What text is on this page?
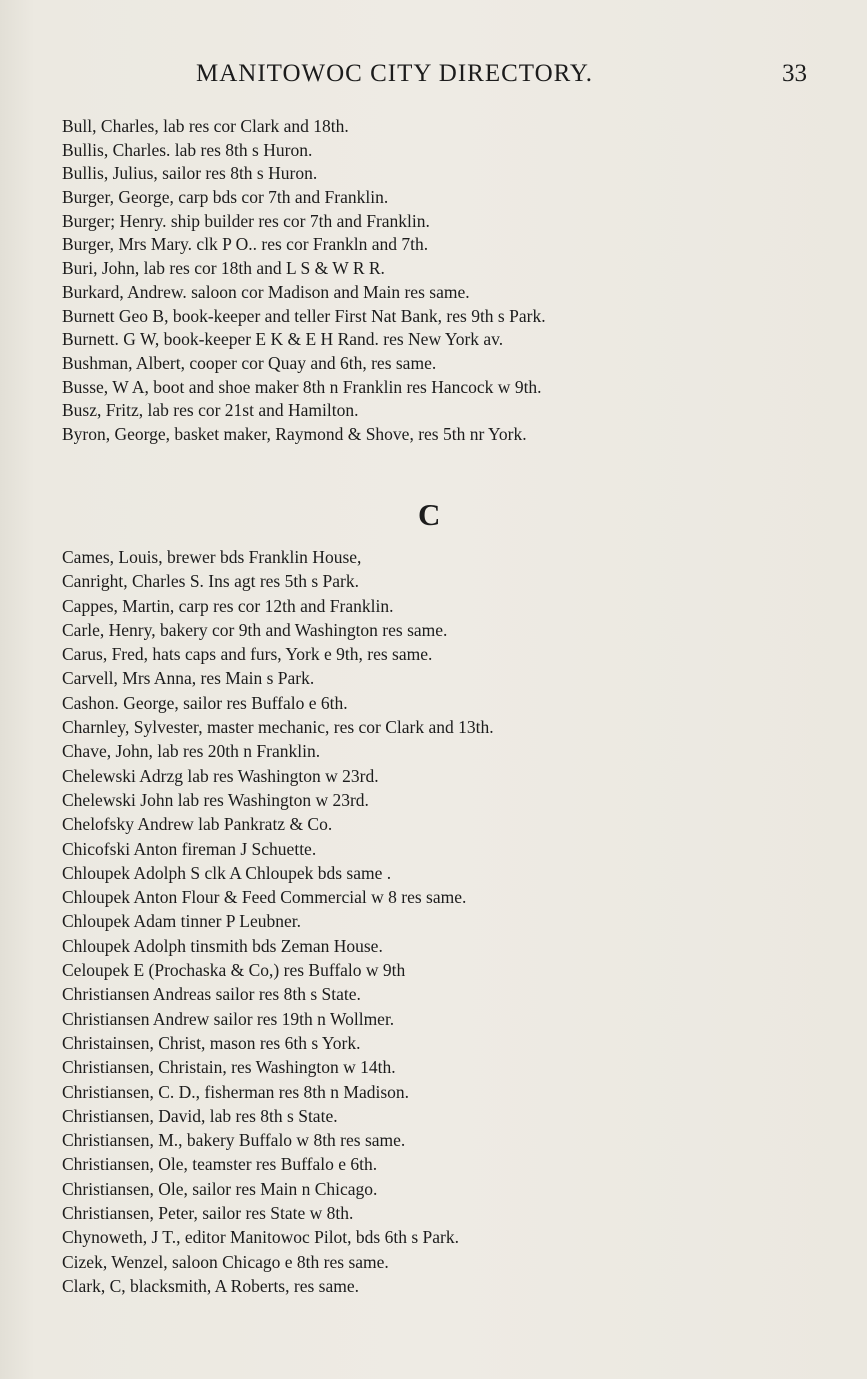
MANITOWOC CITY DIRECTORY.	33
Bull, Charles, lab res cor Clark and 18th.
Bullis, Charles. lab res 8th s Huron.
Bullis, Julius, sailor res 8th s Huron.
Burger, George, carp bds cor 7th and Franklin.
Burger; Henry. ship builder res cor 7th and Franklin.
Burger, Mrs Mary. clk P O.. res cor Frankln and 7th.
Buri, John, lab res cor 18th and L S & W R R.
Burkard, Andrew. saloon cor Madison and Main res same.
Burnett Geo B, book-keeper and teller First Nat Bank, res 9th s Park.
Burnett. G W, book-keeper E K & E H Rand. res New York av.
Bushman, Albert, cooper cor Quay and 6th, res same.
Busse, W A, boot and shoe maker 8th n Franklin res Hancock w 9th.
Busz, Fritz, lab res cor 21st and Hamilton.
Byron, George, basket maker, Raymond & Shove, res 5th nr York.
C
Cames, Louis, brewer bds Franklin House,
Canright, Charles S. Ins agt res 5th s Park.
Cappes, Martin, carp res cor 12th and Franklin.
Carle, Henry, bakery cor 9th and Washington res same.
Carus, Fred, hats caps and furs, York e 9th, res same.
Carvell, Mrs Anna, res Main s Park.
Cashon. George, sailor res Buffalo e 6th.
Charnley, Sylvester, master mechanic, res cor Clark and 13th.
Chave, John, lab res 20th n Franklin.
Chelewski Adrzg lab res Washington w 23rd.
Chelewski John lab res Washington w 23rd.
Chelofsky Andrew lab Pankratz & Co.
Chicofski Anton fireman J Schuette.
Chloupek Adolph S clk A Chloupek bds same .
Chloupek Anton Flour & Feed Commercial w 8 res same.
Chloupek Adam tinner P Leubner.
Chloupek Adolph tinsmith bds Zeman House.
Celoupek E (Prochaska & Co,) res Buffalo w 9th
Christiansen Andreas sailor res 8th s State.
Christiansen Andrew sailor res 19th n Wollmer.
Christainsen, Christ, mason res 6th s York.
Christiansen, Christain, res Washington w 14th.
Christiansen, C. D., fisherman res 8th n Madison.
Christiansen, David, lab res 8th s State.
Christiansen, M., bakery Buffalo w 8th res same.
Christiansen, Ole, teamster res Buffalo e 6th.
Christiansen, Ole, sailor res Main n Chicago.
Christiansen, Peter, sailor res State w 8th.
Chynoweth, J T., editor Manitowoc Pilot, bds 6th s Park.
Cizek, Wenzel, saloon Chicago e 8th res same.
Clark, C, blacksmith, A Roberts, res same.
